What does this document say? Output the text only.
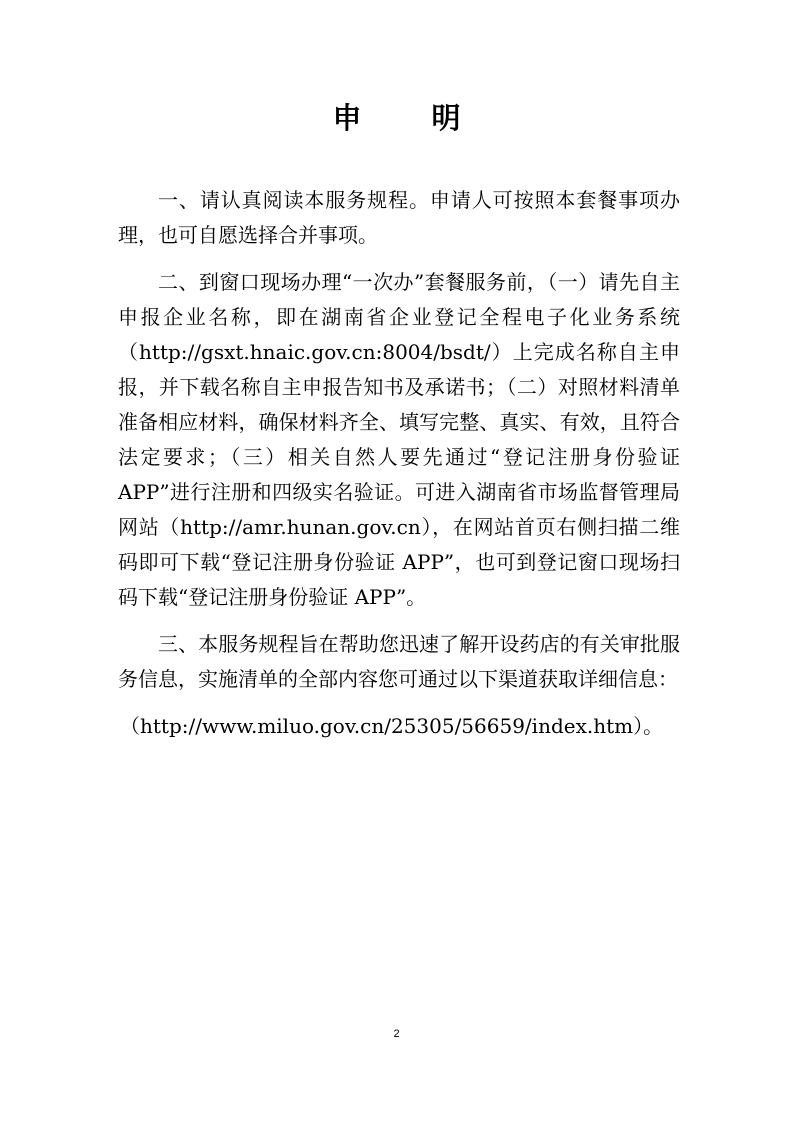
申 明

一、请认真阅读本服务规程。申请人可按照本套餐事项办理，也可自愿选择合并事项。

二、到窗口现场办理“一次办”套餐服务前，（一）请先自主申报企业名称，即在湖南省企业登记全程电子化业务系统（http://gsxt.hnaic.gov.cn:8004/bsdt/）上完成名称自主申报，并下载名称自主申报告知书及承诺书；（二）对照材料清单准备相应材料，确保材料齐全、填写完整、真实、有效，且符合法定要求；（三）相关自然人要先通过“登记注册身份验证 APP”进行注册和四级实名验证。可进入湖南省市场监督管理局网站（http://amr.hunan.gov.cn），在网站首页右侧扫描二维码即可下载“登记注册身份验证 APP”，也可到登记窗口现场扫码下载“登记注册身份验证 APP”。

三、本服务规程旨在帮助您迅速了解开设药店的有关审批服务信息，实施清单的全部内容您可通过以下渠道获取详细信息：

（http://www.miluo.gov.cn/25305/56659/index.htm）。

2
